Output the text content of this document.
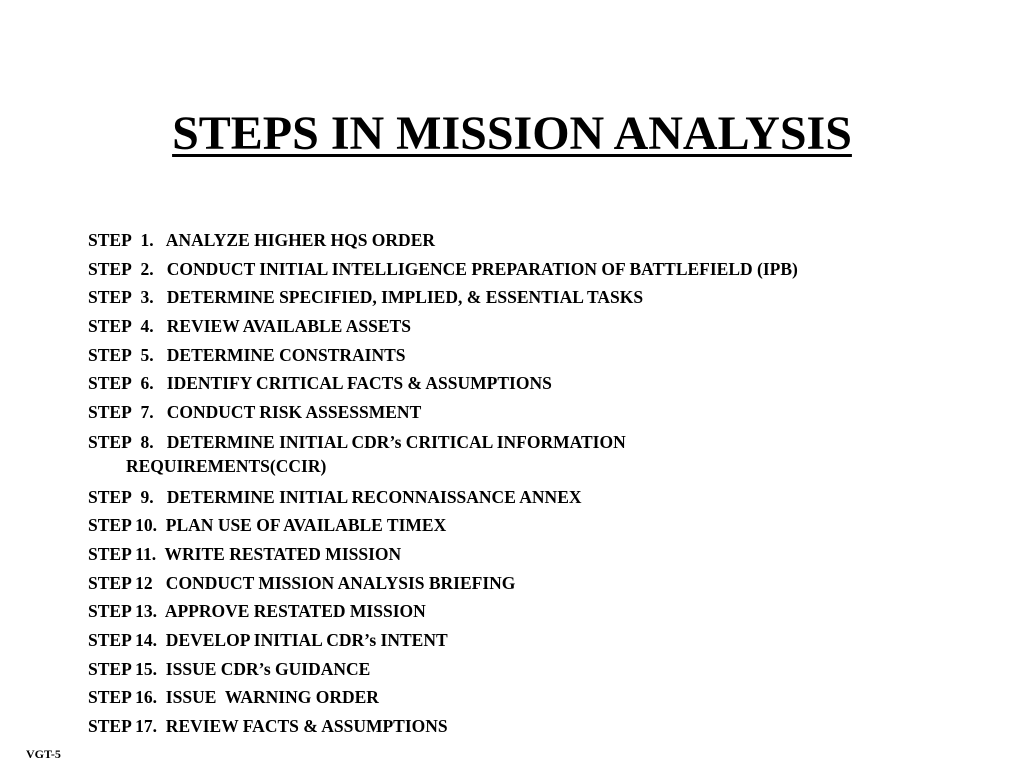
STEPS IN MISSION ANALYSIS
STEP  1.   ANALYZE HIGHER HQS ORDER
STEP  2.   CONDUCT INITIAL INTELLIGENCE PREPARATION OF BATTLEFIELD (IPB)
STEP  3.   DETERMINE SPECIFIED, IMPLIED, & ESSENTIAL TASKS
STEP  4.   REVIEW AVAILABLE ASSETS
STEP  5.   DETERMINE CONSTRAINTS
STEP  6.   IDENTIFY CRITICAL FACTS & ASSUMPTIONS
STEP  7.   CONDUCT RISK ASSESSMENT
STEP  8.   DETERMINE INITIAL CDR’s CRITICAL INFORMATION
REQUIREMENTS(CCIR)
STEP  9.   DETERMINE INITIAL RECONNAISSANCE ANNEX
STEP 10.  PLAN USE OF AVAILABLE TIMEX
STEP 11.  WRITE RESTATED MISSION
STEP 12   CONDUCT MISSION ANALYSIS BRIEFING
STEP 13.  APPROVE RESTATED MISSION
STEP 14.  DEVELOP INITIAL CDR’s INTENT
STEP 15.  ISSUE CDR’s GUIDANCE
STEP 16.  ISSUE  WARNING ORDER
STEP 17.  REVIEW FACTS & ASSUMPTIONS
VGT-5
